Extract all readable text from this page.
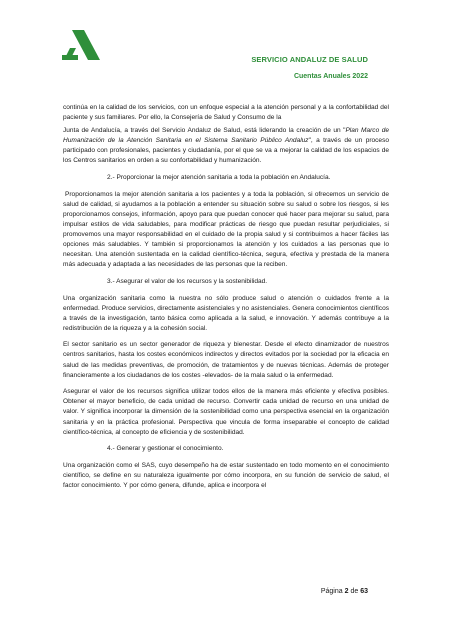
SERVICIO ANDALUZ DE SALUD
Cuentas Anuales 2022

continúa en la calidad de los servicios, con un enfoque especial a la atención personal y a la confortabilidad del paciente y sus familiares. Por ello, la Consejería de Salud y Consumo de la

Junta de Andalucía, a través del Servicio Andaluz de Salud, está liderando la creación de un "Plan Marco de Humanización de la Atención Sanitaria en el Sistema Sanitario Público Andaluz", a través de un proceso participado con profesionales, pacientes y ciudadanía, por el que se va a mejorar la calidad de los espacios de los Centros sanitarios en orden a su confortabilidad y humanización.

2.- Proporcionar la mejor atención sanitaria a toda la población en Andalucía.

Proporcionamos la mejor atención sanitaria a los pacientes y a toda la población, si ofrecemos un servicio de salud de calidad, si ayudamos a la población a entender su situación sobre su salud o sobre los riesgos, si les proporcionamos consejos, información, apoyo para que puedan conocer qué hacer para mejorar su salud, para impulsar estilos de vida saludables, para modificar prácticas de riesgo que puedan resultar perjudiciales, si promovemos una mayor responsabilidad en el cuidado de la propia salud y si contribuimos a hacer fáciles las opciones más saludables. Y también si proporcionamos la atención y los cuidados a las personas que lo necesitan. Una atención sustentada en la calidad científico-técnica, segura, efectiva y prestada de la manera más adecuada y adaptada a las necesidades de las personas que la reciben.

3.- Asegurar el valor de los recursos y la sostenibilidad.

Una organización sanitaria como la nuestra no sólo produce salud o atención o cuidados frente a la enfermedad. Produce servicios, directamente asistenciales y no asistenciales. Genera conocimientos científicos a través de la investigación, tanto básica como aplicada a la salud, e innovación. Y además contribuye a la redistribución de la riqueza y a la cohesión social.

El sector sanitario es un sector generador de riqueza y bienestar. Desde el efecto dinamizador de nuestros centros sanitarios, hasta los costes económicos indirectos y directos evitados por la sociedad por la eficacia en salud de las medidas preventivas, de promoción, de tratamientos y de nuevas técnicas. Además de proteger financieramente a los ciudadanos de los costes -elevados- de la mala salud o la enfermedad.

Asegurar el valor de los recursos significa utilizar todos ellos de la manera más eficiente y efectiva posibles. Obtener el mayor beneficio, de cada unidad de recurso. Convertir cada unidad de recurso en una unidad de valor. Y significa incorporar la dimensión de la sostenibilidad como una perspectiva esencial en la organización sanitaria y en la práctica profesional. Perspectiva que vincula de forma inseparable el concepto de calidad científico-técnica, al concepto de eficiencia y de sostenibilidad.

4.- Generar y gestionar el conocimiento.

Una organización como el SAS, cuyo desempeño ha de estar sustentado en todo momento en el conocimiento científico, se define en su naturaleza igualmente por cómo incorpora, en su función de servicio de salud, el factor conocimiento. Y por cómo genera, difunde, aplica e incorpora el

Página 2 de 63
